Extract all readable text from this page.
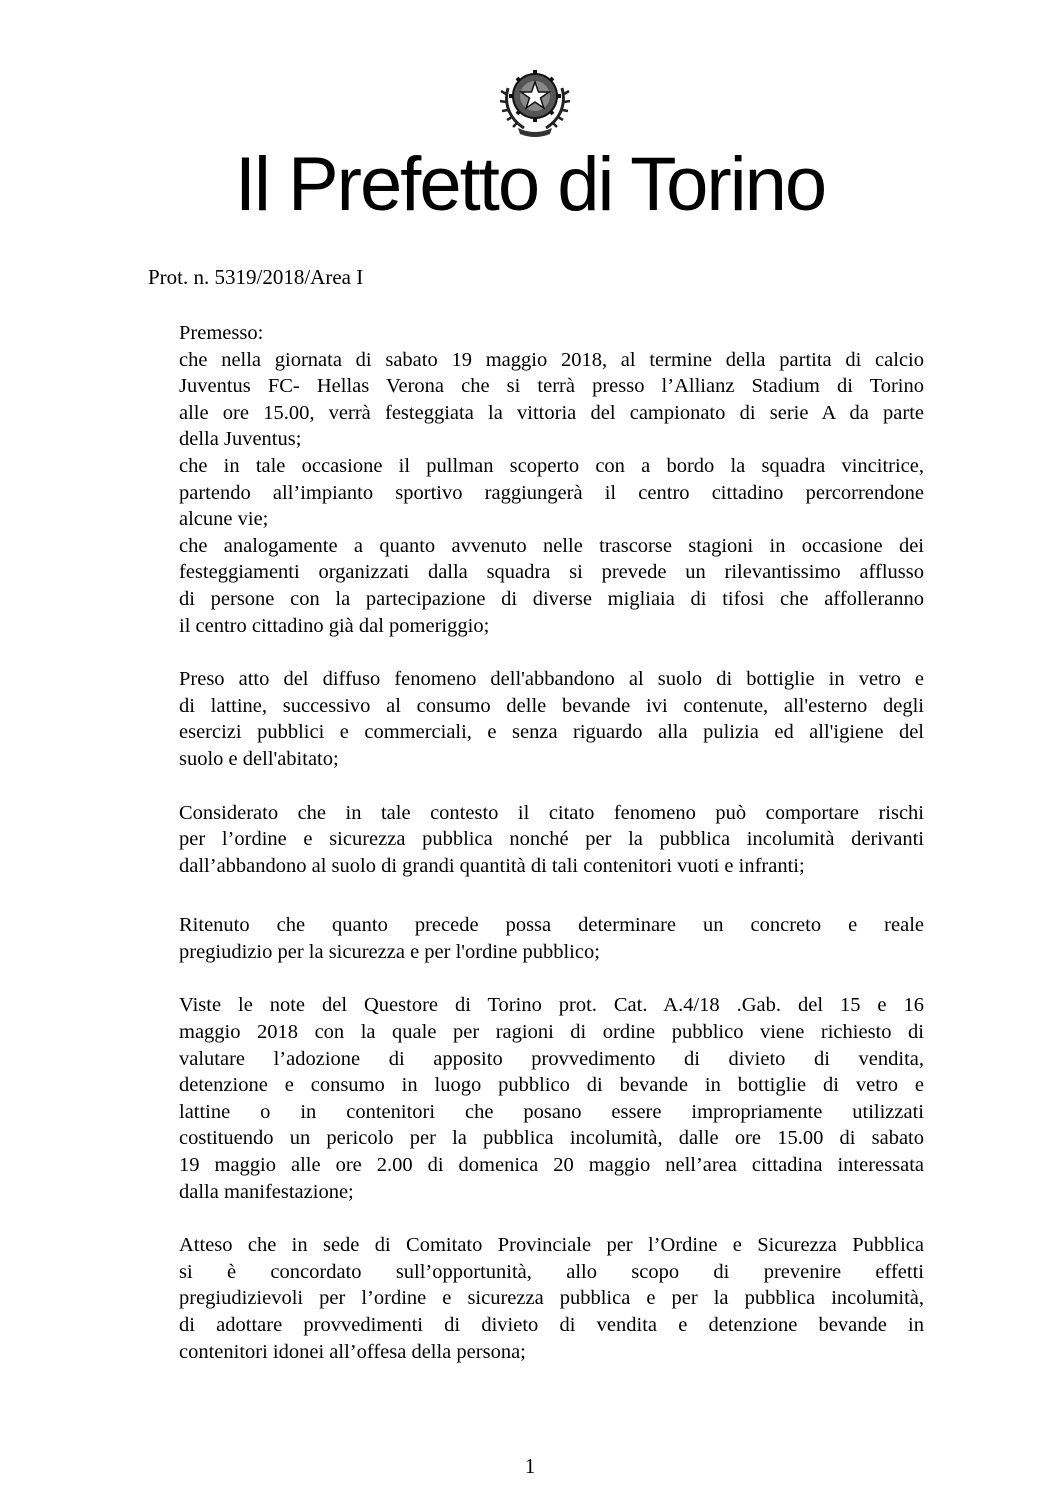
Il Prefetto di Torino
Prot. n. 5319/2018/Area I

Premesso:

che nella giornata di sabato 19 maggio 2018, al termine della partita di calcio
Juventus FC- Hellas Verona che si terrà presso l’Allianz Stadium di Torino
alle ore 15.00, verrà festeggiata la vittoria del campionato di serie A da parte
della Juventus;
che in tale occasione il pullman scoperto con a bordo la squadra vincitrice,
partendo all’impianto sportivo raggiungerà il centro cittadino percorrendone
alcune vie;
che analogamente a quanto avvenuto nelle trascorse stagioni in occasione dei
festeggiamenti organizzati dalla squadra si prevede un rilevantissimo afflusso
di persone con la partecipazione di diverse migliaia di tifosi che affolleranno
il centro cittadino già dal pomeriggio;
Preso atto del diffuso fenomeno dell'abbandono al suolo di bottiglie in vetro e
di lattine, successivo al consumo delle bevande ivi contenute, all'esterno degli
esercizi pubblici e commerciali, e senza riguardo alla pulizia ed all'igiene del
suolo e dell'abitato;
Considerato che in tale contesto il citato fenomeno può comportare rischi
per l’ordine e sicurezza pubblica nonché per la pubblica incolumità derivanti
dall’abbandono al suolo di grandi quantità di tali contenitori vuoti e infranti;
Ritenuto che quanto precede possa determinare un concreto e reale
pregiudizio per la sicurezza e per l'ordine pubblico;
Viste le note del Questore di Torino prot. Cat. A.4/18 .Gab. del 15 e 16
maggio 2018 con la quale per ragioni di ordine pubblico viene richiesto di
valutare l’adozione di apposito provvedimento di divieto di vendita,
detenzione e consumo in luogo pubblico di bevande in bottiglie di vetro e
lattine o in contenitori che posano essere impropriamente utilizzati
costituendo un pericolo per la pubblica incolumità, dalle ore 15.00 di sabato
19 maggio alle ore 2.00 di domenica 20 maggio nell’area cittadina interessata
dalla manifestazione;
Atteso che in sede di Comitato Provinciale per l’Ordine e Sicurezza Pubblica
si è concordato sull’opportunità, allo scopo di prevenire effetti
pregiudizievoli per l’ordine e sicurezza pubblica e per la pubblica incolumità,
di adottare provvedimenti di divieto di vendita e detenzione bevande in
contenitori idonei all’offesa della persona;
1
